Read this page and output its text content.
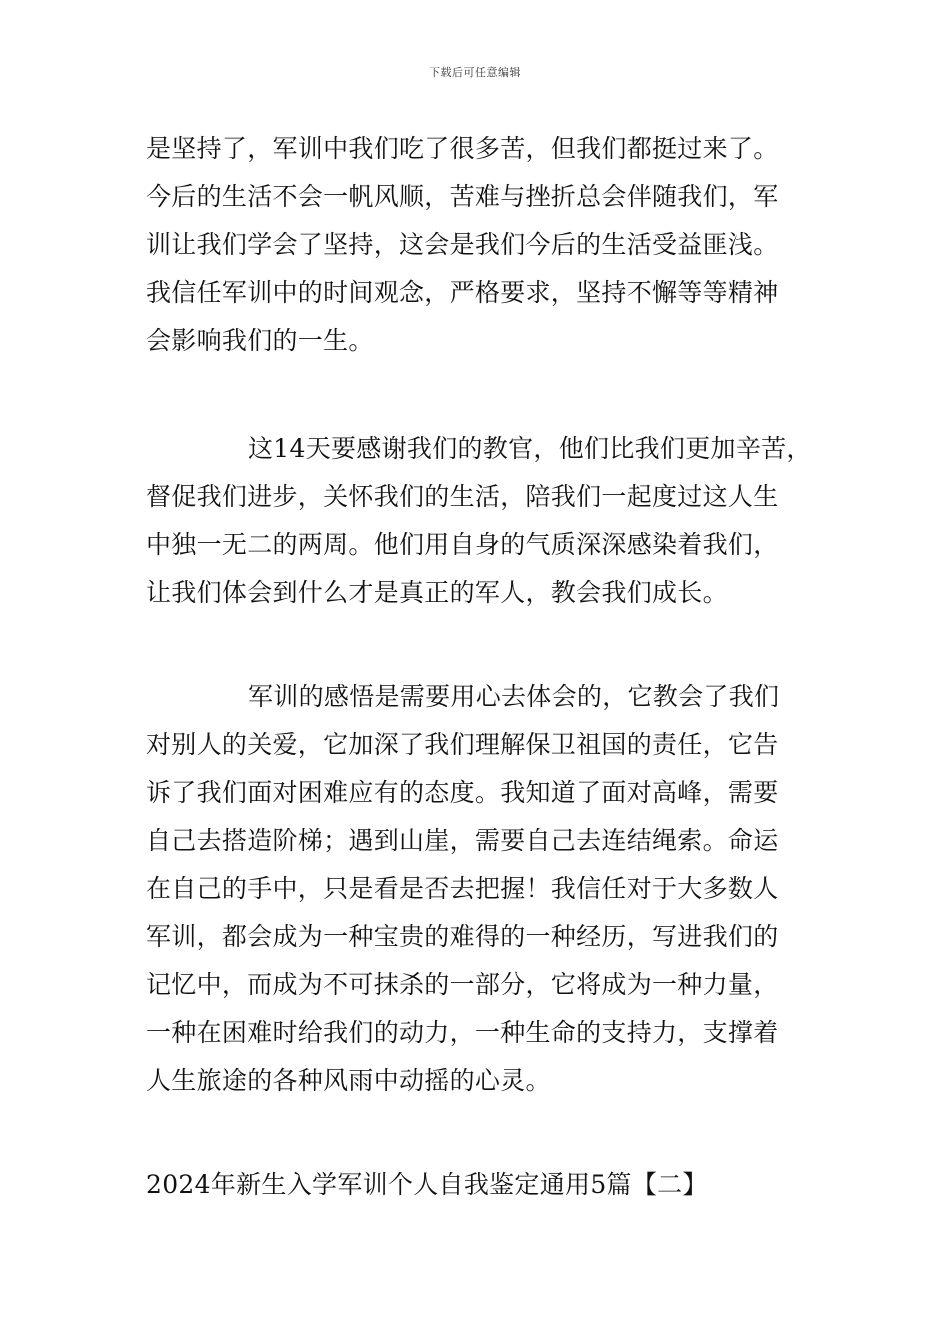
下载后可任意编辑
是坚持了，军训中我们吃了很多苦，但我们都挺过来了。
今后的生活不会一帆风顺，苦难与挫折总会伴随我们，军
训让我们学会了坚持，这会是我们今后的生活受益匪浅。
我信任军训中的时间观念，严格要求，坚持不懈等等精神
会影响我们的一生。
这14天要感谢我们的教官，他们比我们更加辛苦，
督促我们进步，关怀我们的生活，陪我们一起度过这人生
中独一无二的两周。他们用自身的气质深深感染着我们，
让我们体会到什么才是真正的军人，教会我们成长。
军训的感悟是需要用心去体会的，它教会了我们
对别人的关爱，它加深了我们理解保卫祖国的责任，它告
诉了我们面对困难应有的态度。我知道了面对高峰，需要
自己去搭造阶梯；遇到山崖，需要自己去连结绳索。命运
在自己的手中，只是看是否去把握！我信任对于大多数人
军训，都会成为一种宝贵的难得的一种经历，写进我们的
记忆中，而成为不可抹杀的一部分，它将成为一种力量，
一种在困难时给我们的动力，一种生命的支持力，支撑着
人生旅途的各种风雨中动摇的心灵。
2024年新生入学军训个人自我鉴定通用5篇【二】
